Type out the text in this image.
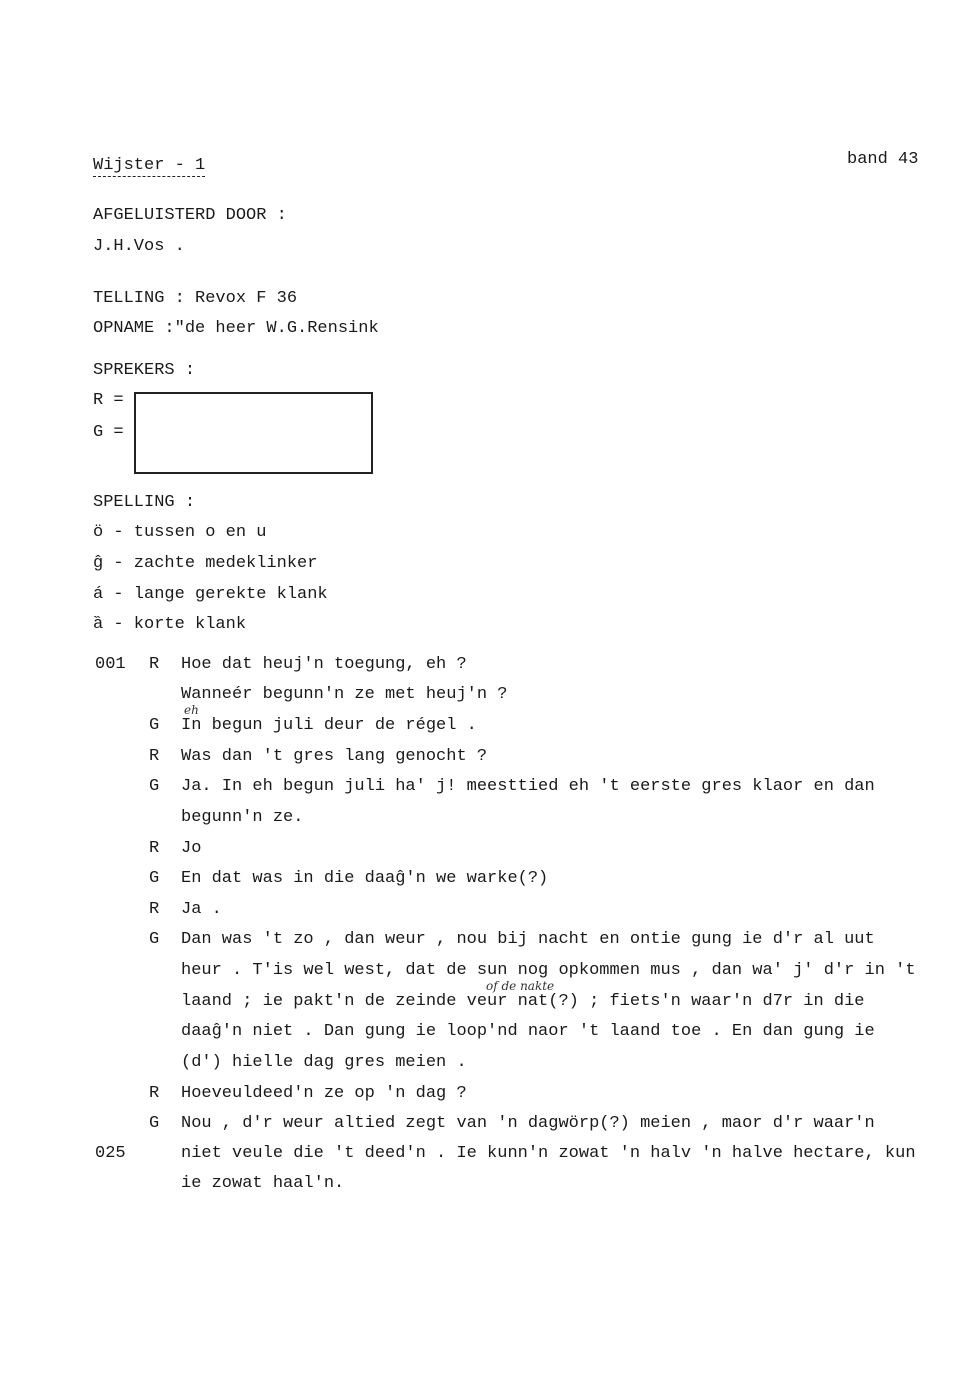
Wijster - 1	band 43
AFGELUISTERD DOOR :
J.H.Vos .
TELLING : Revox F 36
OPNAME :"de heer W.G.Rensink
SPREKERS :
R =
G =
SPELLING :
ö - tussen o en u
ĝ - zachte medeklinker
á - lange gerekte klank
ȁ - korte klank
001 R Hoe dat heuj'n toegung, eh ?
Wanneér begunn'n ze met heuj'n ?
eh
G In begun juli deur de régel .
R Was dan 't gres lang genocht ?
G Ja. In eh begun juli ha' j! meesttied eh 't eerste gres klaor en dan
begunn'n ze.
R Jo
G En dat was in die daaĝ'n we warke(?)
R Ja .
G Dan was 't zo , dan weur , nou bij nacht en ontie gung ie d'r al uut
heur . T'is wel west, dat de sun nog opkommen mus , dan wa' j' d'r in 't
of de nakte
laand ; ie pakt'n de zeinde veur nat(?) ; fiets'n waar'n d7r in die
daaĝ'n niet . Dan gung ie loop'nd naor 't laand toe . En dan gung ie
(d') hielle dag gres meien .
R Hoeveuldeed'n ze op 'n dag ?
G Nou , d'r weur altied zegt van 'n dagwörp(?) meien , maor d'r waar'n
025	niet veule die 't deed'n . Ie kunn'n zowat 'n halv 'n halve hectare, kun
ie zowat haal'n.
